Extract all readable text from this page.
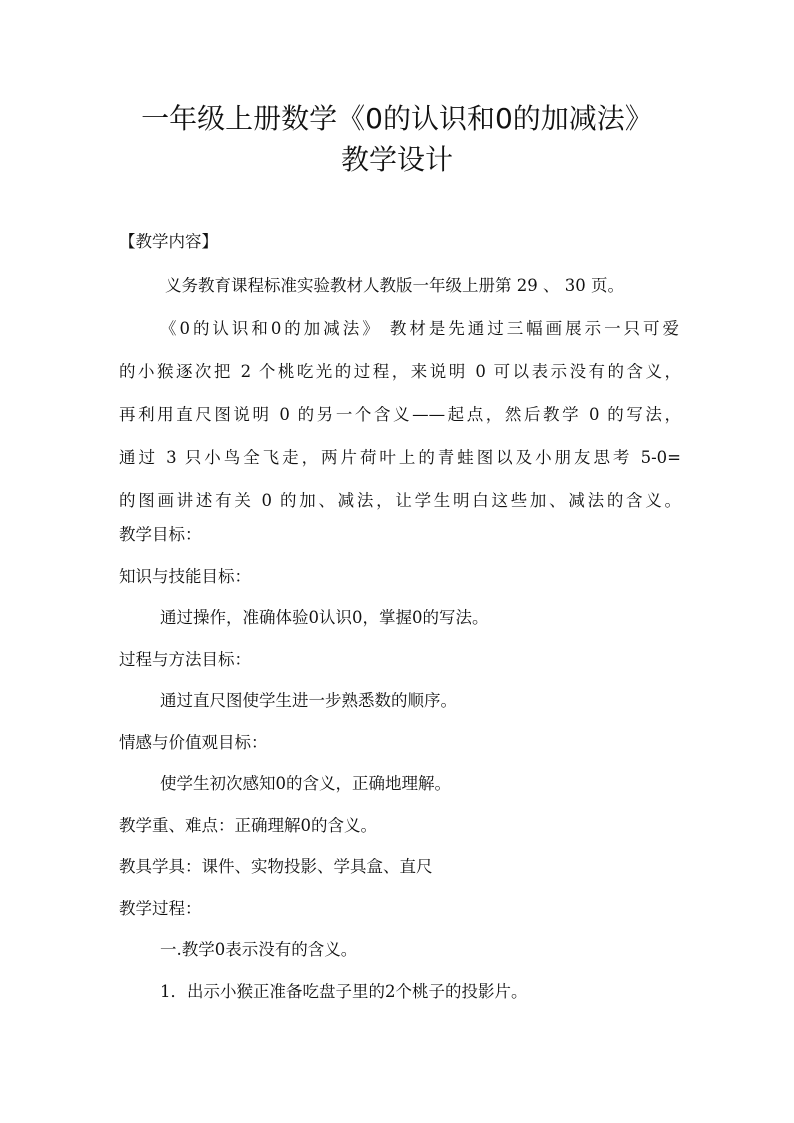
一年级上册数学《0的认识和0的加减法》
教学设计
【教学内容】
义务教育课程标准实验教材人教版一年级上册第 29 、 30 页。
《0的认识和0的加减法》 教材是先通过三幅画展示一只可爱
的小猴逐次把 2 个桃吃光的过程，来说明 0 可以表示没有的含义，
再利用直尺图说明 0 的另一个含义——起点，然后教学 0 的写法，
通过 3 只小鸟全飞走，两片荷叶上的青蛙图以及小朋友思考 5-0=
的图画讲述有关 0 的加、减法，让学生明白这些加、减法的含义。
教学目标：
知识与技能目标：
通过操作，准确体验0认识0，掌握0的写法。
过程与方法目标：
通过直尺图使学生进一步熟悉数的顺序。
情感与价值观目标：
使学生初次感知0的含义，正确地理解。
教学重、难点：正确理解0的含义。
教具学具：课件、实物投影、学具盒、直尺
教学过程：
一.教学0表示没有的含义。
1．出示小猴正准备吃盘子里的2个桃子的投影片。
